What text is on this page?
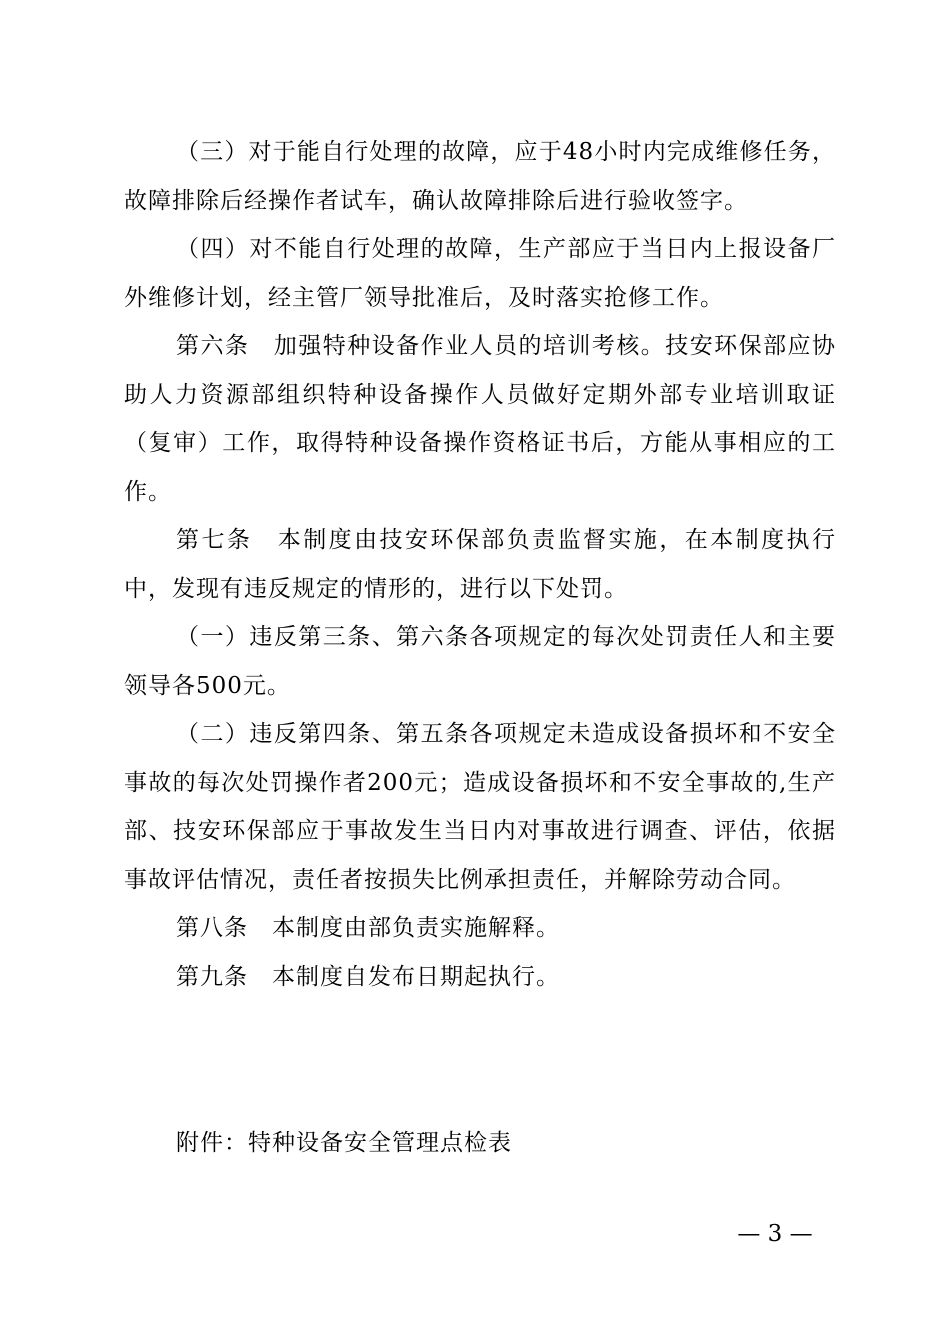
（三）对于能自行处理的故障，应于48小时内完成维修任务，故障排除后经操作者试车，确认故障排除后进行验收签字。

（四）对不能自行处理的故障，生产部应于当日内上报设备厂外维修计划，经主管厂领导批准后，及时落实抢修工作。

第六条　加强特种设备作业人员的培训考核。技安环保部应协助人力资源部组织特种设备操作人员做好定期外部专业培训取证（复审）工作，取得特种设备操作资格证书后，方能从事相应的工作。

第七条　本制度由技安环保部负责监督实施，在本制度执行中，发现有违反规定的情形的，进行以下处罚。

（一）违反第三条、第六条各项规定的每次处罚责任人和主要领导各500元。

（二）违反第四条、第五条各项规定未造成设备损坏和不安全事故的每次处罚操作者200元；造成设备损坏和不安全事故的,生产部、技安环保部应于事故发生当日内对事故进行调查、评估，依据事故评估情况，责任者按损失比例承担责任，并解除劳动合同。

第八条　本制度由部负责实施解释。

第九条　本制度自发布日期起执行。

附件：特种设备安全管理点检表

— 3 —
